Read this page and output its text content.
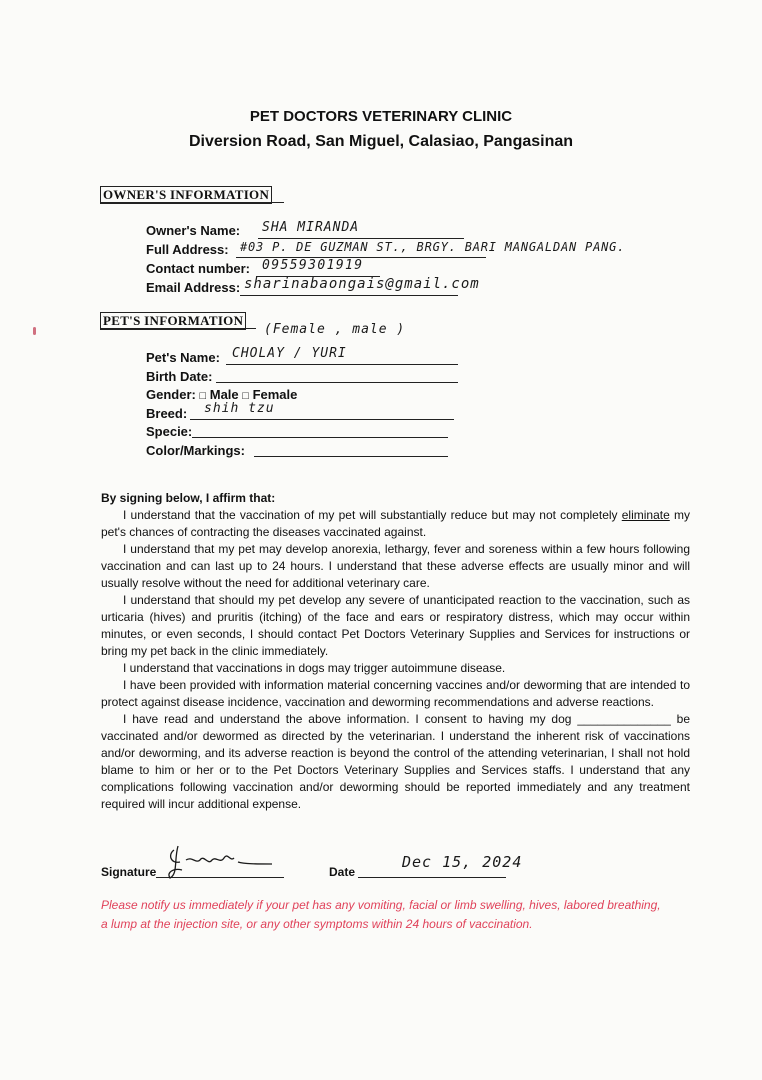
PET DOCTORS VETERINARY CLINIC
Diversion Road, San Miguel, Calasiao, Pangasinan
OWNER'S INFORMATION
Owner's Name: SHA MIRANDA
Full Address: #03 P. DE GUZMAN ST., BRGY. BARI MANGALDAN PANG.
Contact number: 09559301919
Email Address: sharinabaongais@gmail.com
PET'S INFORMATION
(Female , male )
Pet's Name: CHOLAY / YURI
Birth Date:
Gender: □ Male □ Female
Breed: shih tzu
Specie:
Color/Markings:

By signing below, I affirm that:

I understand that the vaccination of my pet will substantially reduce but may not completely eliminate my pet's chances of contracting the diseases vaccinated against.

I understand that my pet may develop anorexia, lethargy, fever and soreness within a few hours following vaccination and can last up to 24 hours. I understand that these adverse effects are usually minor and will usually resolve without the need for additional veterinary care.

I understand that should my pet develop any severe of unanticipated reaction to the vaccination, such as urticaria (hives) and pruritis (itching) of the face and ears or respiratory distress, which may occur within minutes, or even seconds, I should contact Pet Doctors Veterinary Supplies and Services for instructions or bring my pet back in the clinic immediately.

I understand that vaccinations in dogs may trigger autoimmune disease.

I have been provided with information material concerning vaccines and/or deworming that are intended to protect against disease incidence, vaccination and deworming recommendations and adverse reactions.

I have read and understand the above information. I consent to having my dog ______________ be vaccinated and/or dewormed as directed by the veterinarian. I understand the inherent risk of vaccinations and/or deworming, and its adverse reaction is beyond the control of the attending veterinarian, I shall not hold blame to him or her or to the Pet Doctors Veterinary Supplies and Services staffs. I understand that any complications following vaccination and/or deworming should be reported immediately and any treatment required will incur additional expense.

Signature	Date
Dec 15, 2024
Please notify us immediately if your pet has any vomiting, facial or limb swelling, hives, labored breathing, a lump at the injection site, or any other symptoms within 24 hours of vaccination.
